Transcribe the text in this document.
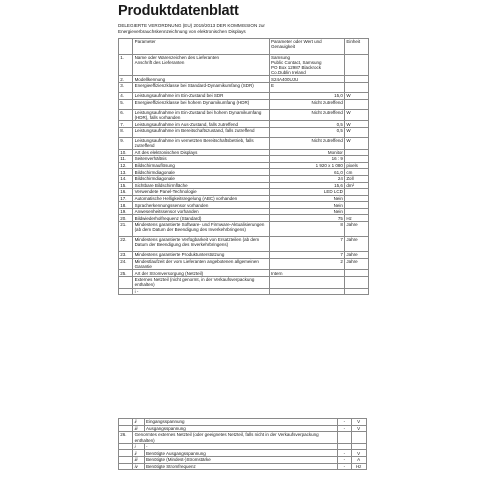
Produktdatenblatt
DELEGIERTE VERORDNUNG (EU) 2019/2013 DER KOMMISSION zur
Energieverbrauchskennzeichnung von elektronischen Displays
	Parameter	Parameter oder Wert und Genauigkeit	Einheit
1.	Name oder Warenzeichen des Lieferanten
Anschrift des Lieferanten	Samsung
Public Contact, Samsung
PO Box 12987 Blackrock
Co.Dublin Ireland	
2.	Modellkennung	S24A400UJU	
3.	Energieeffizienzklasse bei Standard-Dynamikumfang (SDR)	E	
4.	Leistungsaufnahme im Ein-Zustand bei SDR	15,0	W
5.	Energieeffizienzklasse bei hohem Dynamikumfang (HDR)	Nicht zutreffend	
6.	Leistungsaufnahme im Ein-Zustand bei hohem Dynamikumfang (HDR), falls vorhanden	Nicht zutreffend	W
7.	Leistungsaufnahme im Aus-Zustand, falls zutreffend	0,5	W
8.	Leistungsaufnahme im Bereitschaftszustand, falls zutreffend	0,5	W
9.	Leistungsaufnahme im vernetzten Bereitschaftsbetrieb, falls zutreffend	Nicht zutreffend	W
10.	Art des elektronischen Displays	Monitor	
11.	Seitenverhältnis	16 : 9	
12.	Bildschirmauflösung	1 920 x 1 080	pixels
13.	Bildschirmdiagonale	61,0	cm
14.	Bildschirmdiagonale	24	Zoll
15.	Sichtbare Bildschirmfläche	15,6	dm²
16.	Verwendete Panel-Technologie	LED LCD	
17.	Automatische Helligkeitsregelung (ABC) vorhanden	Nein	
18.	Spracherkennungssensor vorhanden	Nein	
19.	Anwesenheitssensor vorhanden	Nein	
20.	Bildwiederholfrequenz (Standard)	75	Hz
21.	Mindestens garantierte Software- und Firmware-Aktualisierungen (ab dem Datum der Beendigung des Inverkehrbringens)	8	Jahre
22.	Mindestens garantierte Verfügbarkeit von Ersatzteilen (ab dem Datum der Beendigung des Inverkehrbringens)	7	Jahre
23.	Mindestens garantierte Produktunterstützung	7	Jahre
24.	Mindestlaufzeit der vom Lieferanten angebotenen allgemeinen Garantie	2	Jahre
25.	Art der Stromversorgung (Netzteil)	Intern	
	Externes Netzteil (nicht genormt, in der Verkaufsverpackung enthalten)		
	i -		
	ii	Eingangsspannung	-	V
	iii	Ausgangsspannung	-	V
26.	Genormtes externes Netzteil (oder geeignetes Netzteil, falls nicht in der Verkaufsverpackung enthalten)			
	i	-		
	ii	Benötigte Ausgangsspannung	-	V
	iii	Benötigte (Mindest-)Stromstärke	-	A
	iv	Benötigte Stromfrequenz	-	Hz
